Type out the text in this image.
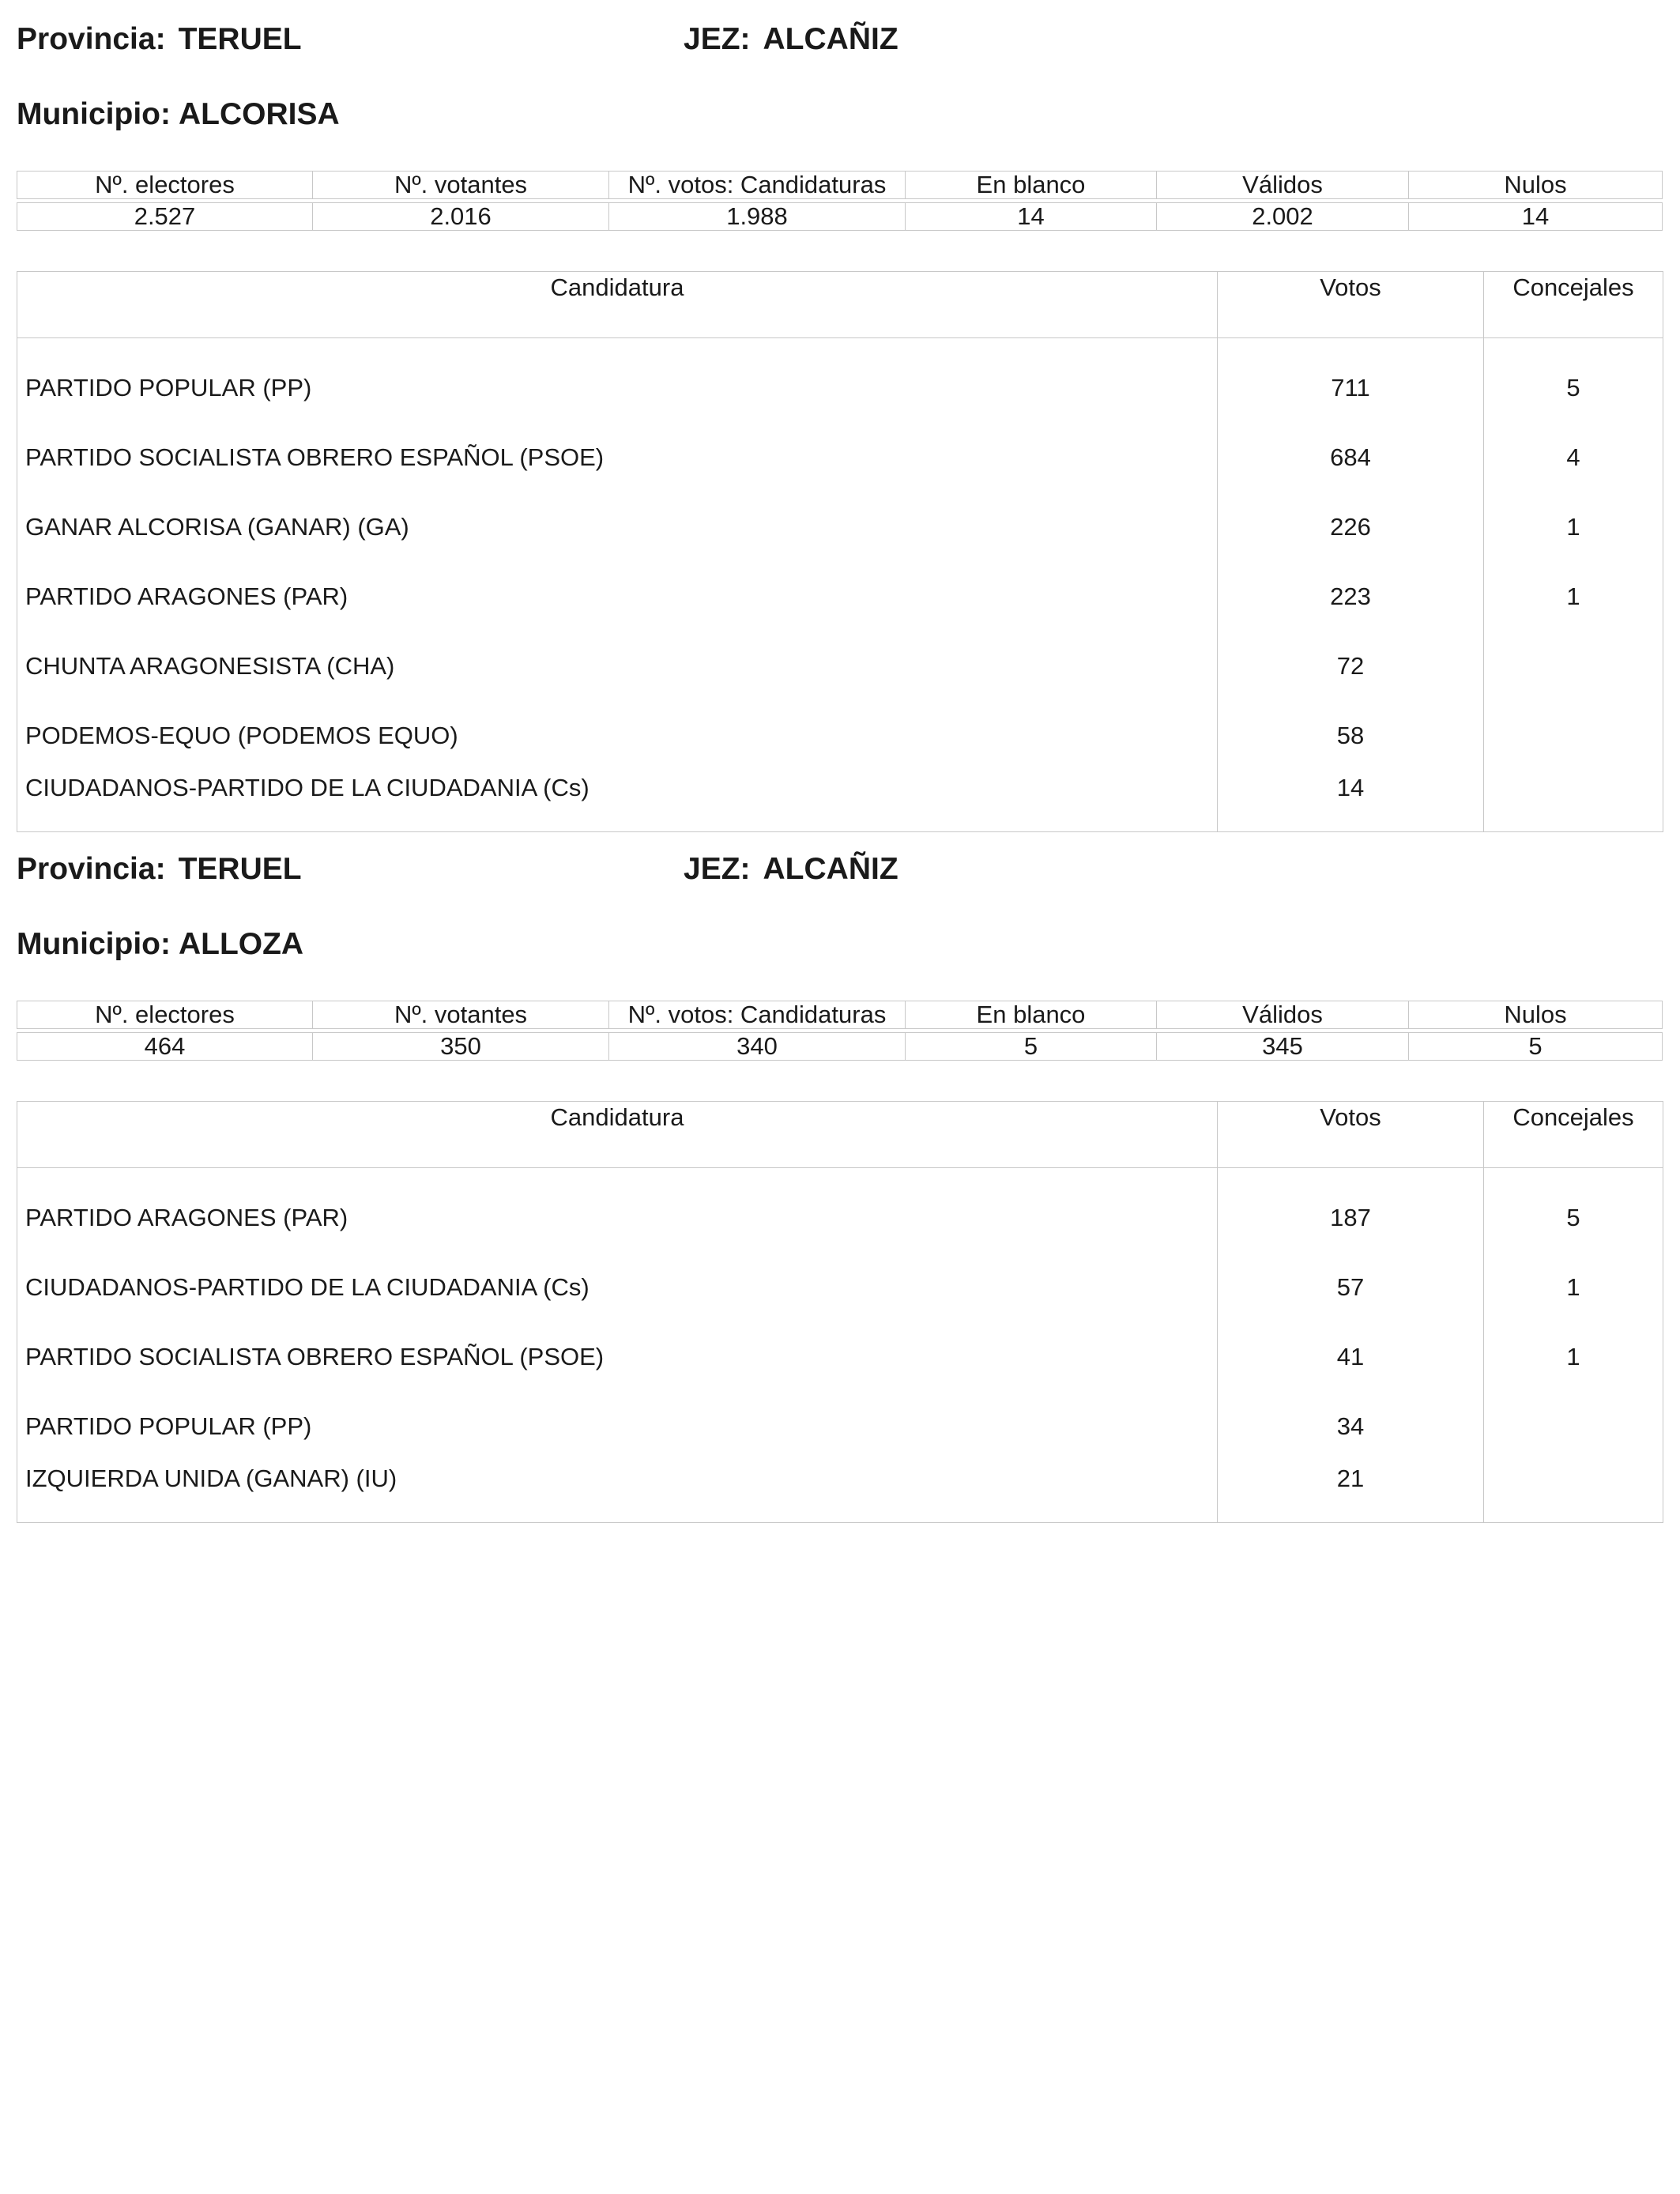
Provincia: TERUEL	JEZ: ALCAÑIZ
Municipio: ALCORISA
Nº. electores	Nº. votantes	Nº. votos: Candidaturas	En blanco	Válidos	Nulos
2.527	2.016	1.988	14	2.002	14
Candidatura	Votos	Concejales
PARTIDO POPULAR (PP)	711	5
PARTIDO SOCIALISTA OBRERO ESPAÑOL (PSOE)	684	4
GANAR ALCORISA (GANAR) (GA)	226	1
PARTIDO ARAGONES (PAR)	223	1
CHUNTA ARAGONESISTA (CHA)	72	
PODEMOS-EQUO (PODEMOS EQUO)	58	
CIUDADANOS-PARTIDO DE LA CIUDADANIA (Cs)	14	
Provincia: TERUEL	JEZ: ALCAÑIZ
Municipio: ALLOZA
Nº. electores	Nº. votantes	Nº. votos: Candidaturas	En blanco	Válidos	Nulos
464	350	340	5	345	5
Candidatura	Votos	Concejales
PARTIDO ARAGONES (PAR)	187	5
CIUDADANOS-PARTIDO DE LA CIUDADANIA (Cs)	57	1
PARTIDO SOCIALISTA OBRERO ESPAÑOL (PSOE)	41	1
PARTIDO POPULAR (PP)	34	
IZQUIERDA UNIDA (GANAR) (IU)	21	
